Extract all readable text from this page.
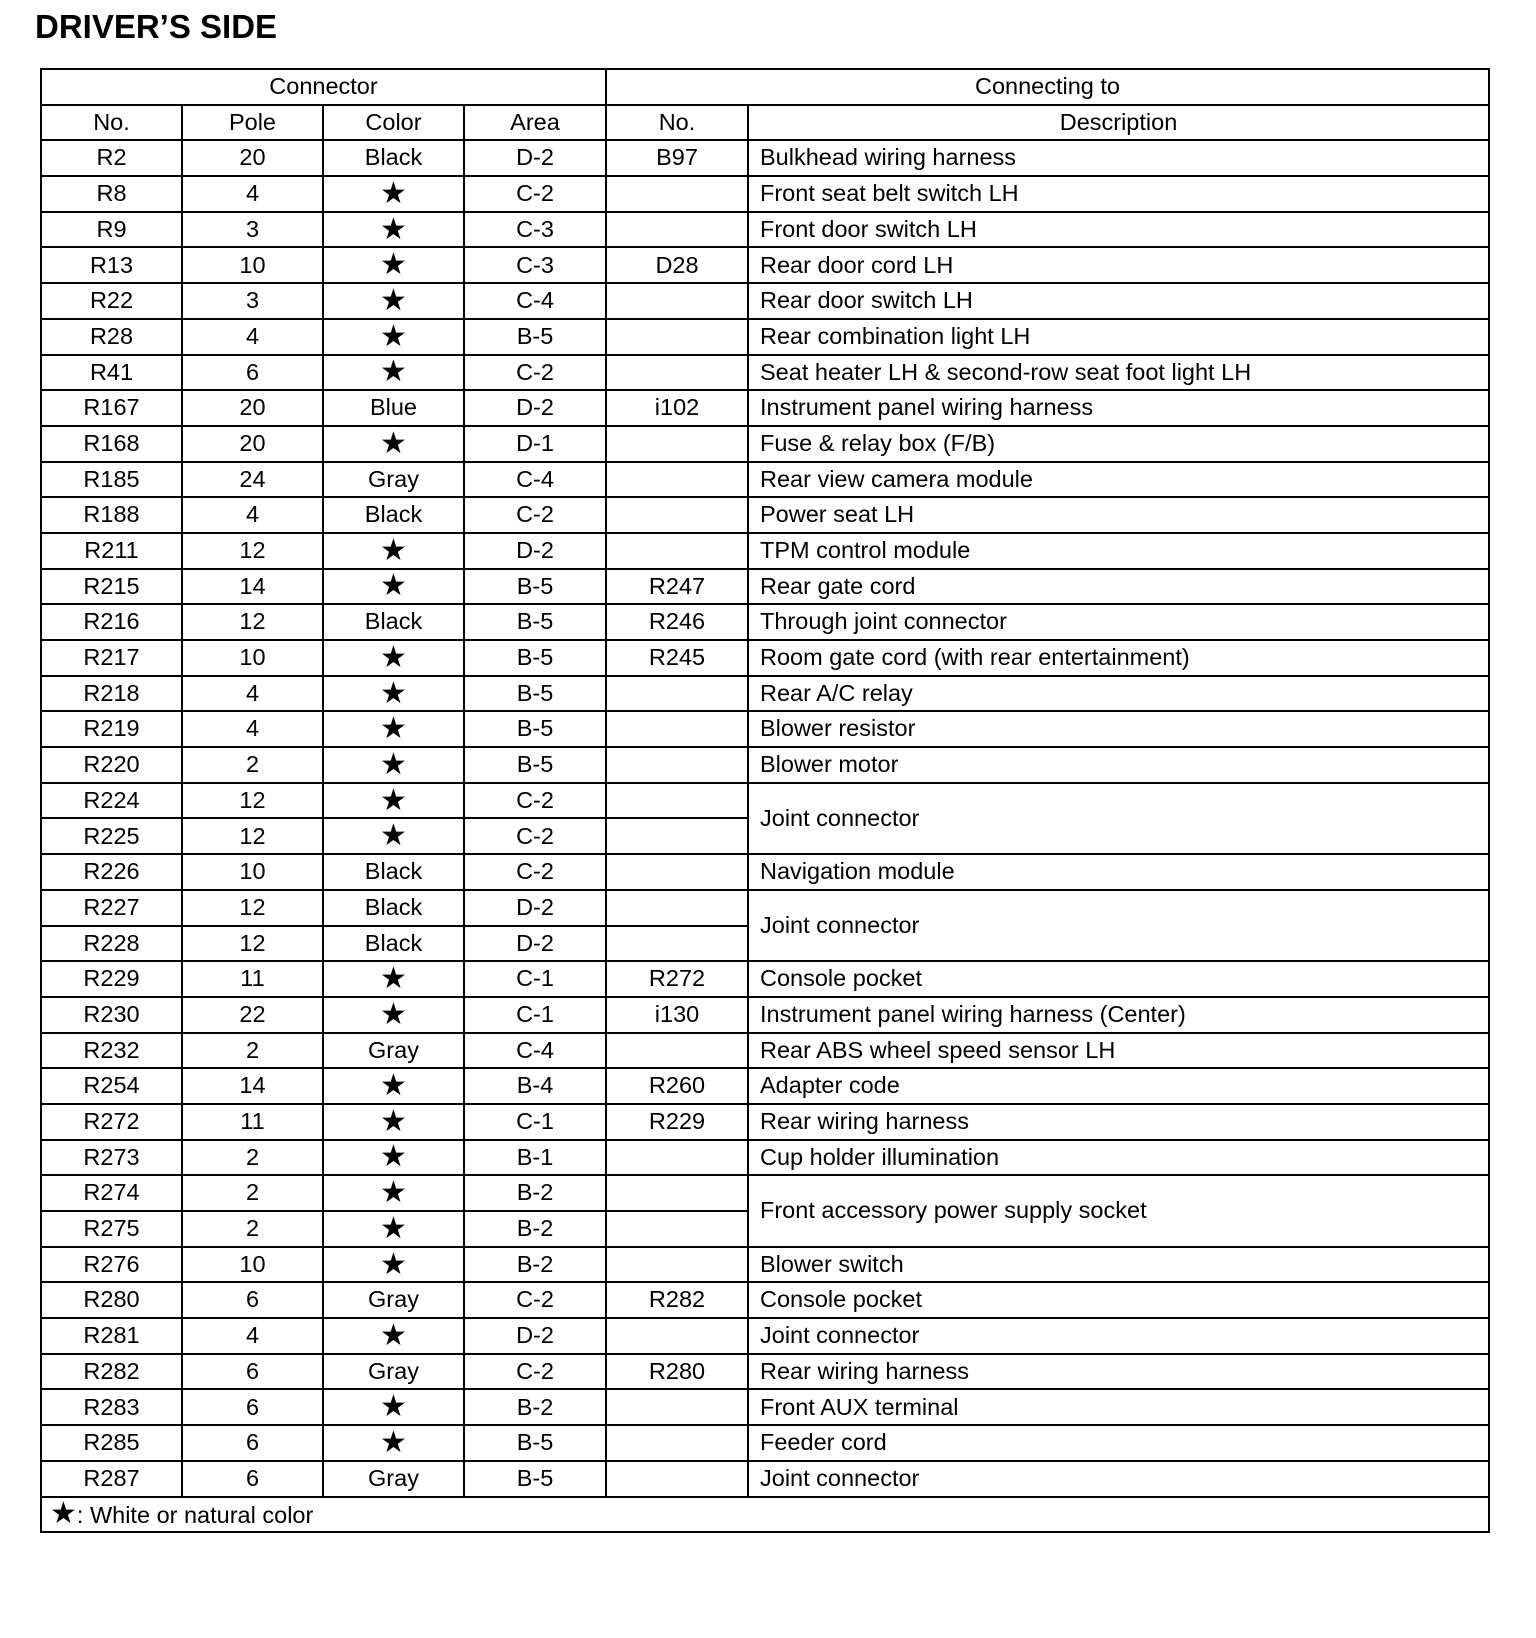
DRIVER’S SIDE
Connector				Connecting to	
No.	Pole	Color	Area	No.	Description
R2	20	Black	D-2	B97	Bulkhead wiring harness
R8	4	★	C-2		Front seat belt switch LH
R9	3	★	C-3		Front door switch LH
R13	10	★	C-3	D28	Rear door cord LH
R22	3	★	C-4		Rear door switch LH
R28	4	★	B-5		Rear combination light LH
R41	6	★	C-2		Seat heater LH & second-row seat foot light LH
R167	20	Blue	D-2	i102	Instrument panel wiring harness
R168	20	★	D-1		Fuse & relay box (F/B)
R185	24	Gray	C-4		Rear view camera module
R188	4	Black	C-2		Power seat LH
R211	12	★	D-2		TPM control module
R215	14	★	B-5	R247	Rear gate cord
R216	12	Black	B-5	R246	Through joint connector
R217	10	★	B-5	R245	Room gate cord (with rear entertainment)
R218	4	★	B-5		Rear A/C relay
R219	4	★	B-5		Blower resistor
R220	2	★	B-5		Blower motor
R224	12	★	C-2		Joint connector
R225	12	★	C-2		
R226	10	Black	C-2		Navigation module
R227	12	Black	D-2		Joint connector
R228	12	Black	D-2		
R229	11	★	C-1	R272	Console pocket
R230	22	★	C-1	i130	Instrument panel wiring harness (Center)
R232	2	Gray	C-4		Rear ABS wheel speed sensor LH
R254	14	★	B-4	R260	Adapter code
R272	11	★	C-1	R229	Rear wiring harness
R273	2	★	B-1		Cup holder illumination
R274	2	★	B-2		Front accessory power supply socket
R275	2	★	B-2		
R276	10	★	B-2		Blower switch
R280	6	Gray	C-2	R282	Console pocket
R281	4	★	D-2		Joint connector
R282	6	Gray	C-2	R280	Rear wiring harness
R283	6	★	B-2		Front AUX terminal
R285	6	★	B-5		Feeder cord
R287	6	Gray	B-5		Joint connector
★: White or natural color					
